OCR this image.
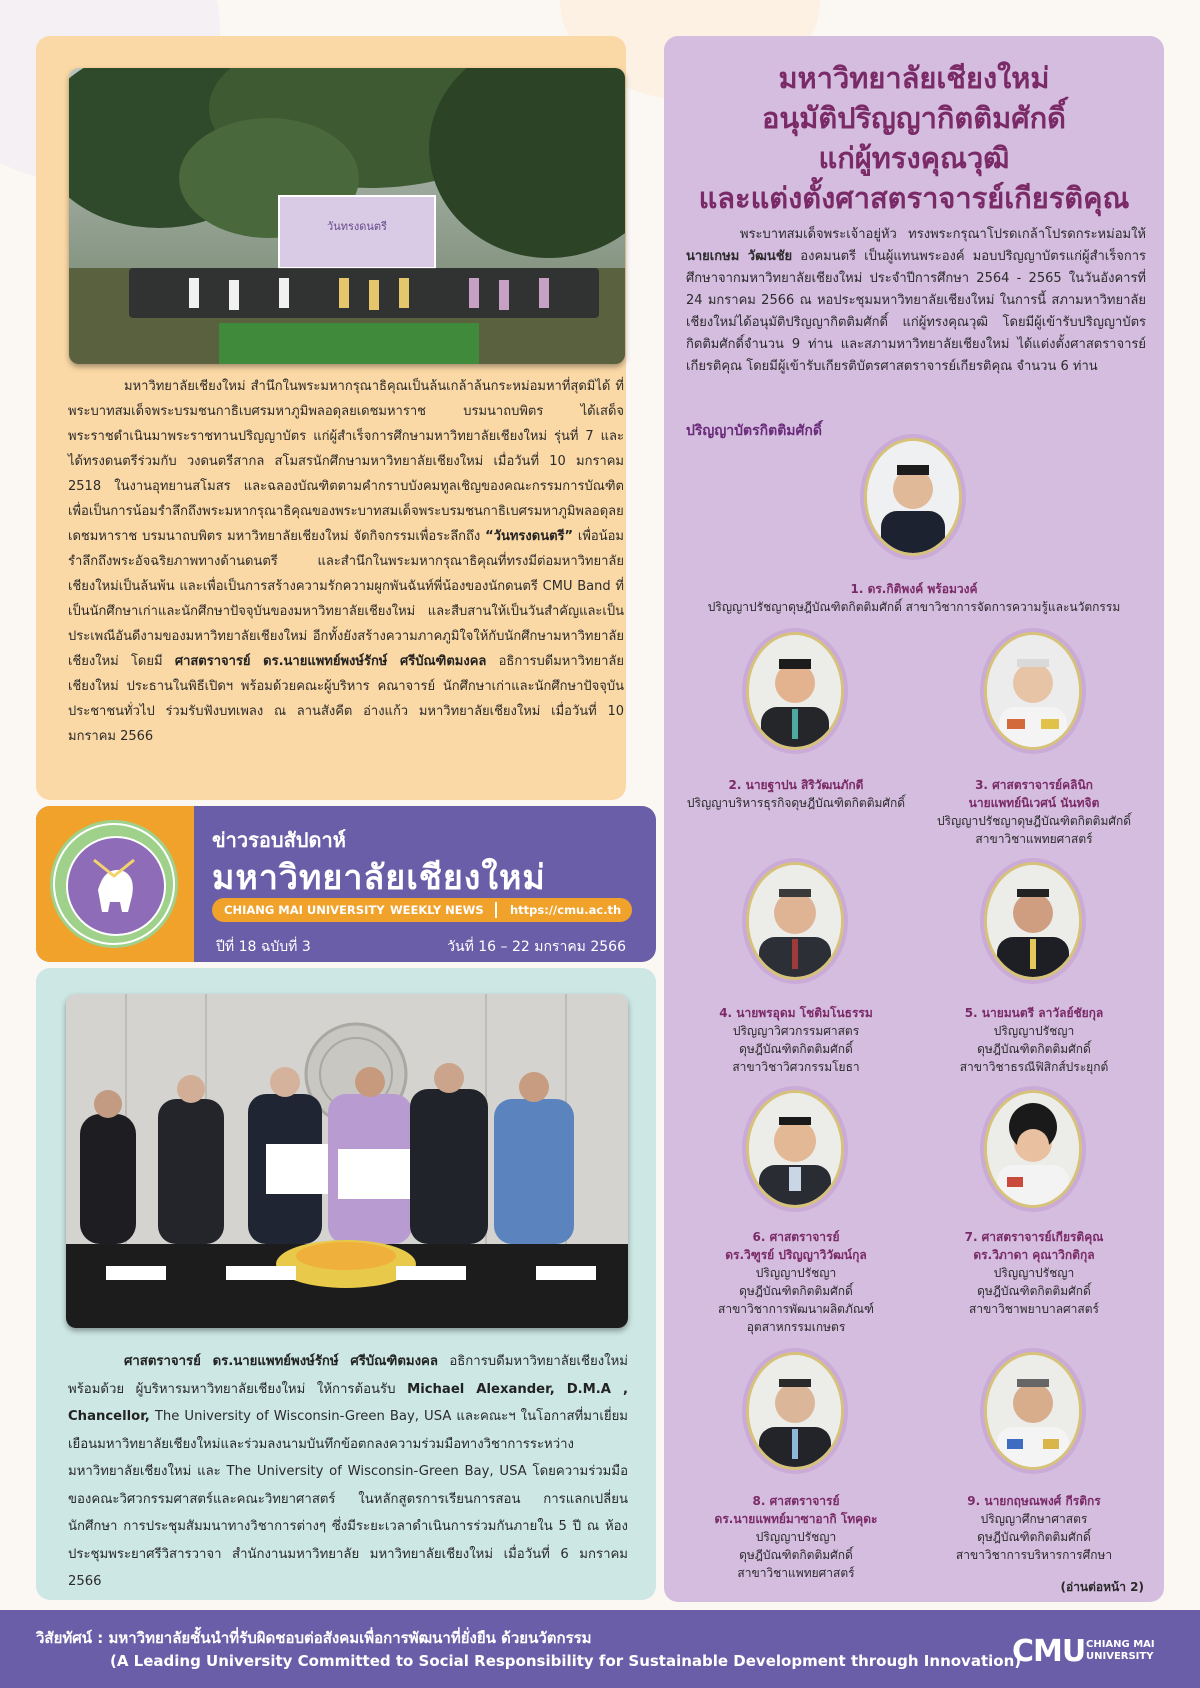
วันทรงดนตรี
มหาวิทยาลัยเชียงใหม่ สำนึกในพระมหากรุณาธิคุณเป็นล้นเกล้าล้นกระหม่อมหาที่สุดมิได้ ที่พระบาทสมเด็จพระบรมชนกาธิเบศรมหาภูมิพลอดุลยเดชมหาราช บรมนาถบพิตร ได้เสด็จพระราชดำเนินมาพระราชทานปริญญาบัตร แก่ผู้สำเร็จการศึกษามหาวิทยาลัยเชียงใหม่ รุ่นที่ 7 และได้ทรงดนตรีร่วมกับ วงดนตรีสากล สโมสรนักศึกษามหาวิทยาลัยเชียงใหม่ เมื่อวันที่ 10 มกราคม 2518 ในงานอุทยานสโมสร และฉลองบัณฑิตตามคำกราบบังคมทูลเชิญของคณะกรรมการบัณฑิตเพื่อเป็นการน้อมรำลึกถึงพระมหากรุณาธิคุณของพระบาทสมเด็จพระบรมชนกาธิเบศรมหาภูมิพลอดุลยเดชมหาราช บรมนาถบพิตร มหาวิทยาลัยเชียงใหม่ จัดกิจกรรมเพื่อระลึกถึง “วันทรงดนตรี” เพื่อน้อมรำลึกถึงพระอัจฉริยภาพทางด้านดนตรี และสำนึกในพระมหากรุณาธิคุณที่ทรงมีต่อมหาวิทยาลัยเชียงใหม่เป็นล้นพ้น และเพื่อเป็นการสร้างความรักความผูกพันฉันท์พี่น้องของนักดนตรี CMU Band ที่เป็นนักศึกษาเก่าและนักศึกษาปัจจุบันของมหาวิทยาลัยเชียงใหม่ และสืบสานให้เป็นวันสำคัญและเป็นประเพณีอันดีงามของมหาวิทยาลัยเชียงใหม่ อีกทั้งยังสร้างความภาคภูมิใจให้กับนักศึกษามหาวิทยาลัยเชียงใหม่ โดยมี ศาสตราจารย์ ดร.นายแพทย์พงษ์รักษ์ ศรีบัณฑิตมงคล อธิการบดีมหาวิทยาลัยเชียงใหม่ ประธานในพิธีเปิดฯ พร้อมด้วยคณะผู้บริหาร คณาจารย์ นักศึกษาเก่าและนักศึกษาปัจจุบัน ประชาชนทั่วไป ร่วมรับฟังบทเพลง ณ ลานสังคีต อ่างแก้ว มหาวิทยาลัยเชียงใหม่ เมื่อวันที่ 10 มกราคม 2566
ข่าวรอบสัปดาห์
มหาวิทยาลัยเชียงใหม่
CHIANG MAI UNIVERSITY WEEKLY NEWS https://cmu.ac.th
ปีที่ 18 ฉบับที่ 3	วันที่ 16 – 22 มกราคม 2566
ศาสตราจารย์ ดร.นายแพทย์พงษ์รักษ์ ศรีบัณฑิตมงคล อธิการบดีมหาวิทยาลัยเชียงใหม่ พร้อมด้วย ผู้บริหารมหาวิทยาลัยเชียงใหม่ ให้การต้อนรับ Michael Alexander, D.M.A , Chancellor, The University of Wisconsin-Green Bay, USA และคณะฯ ในโอกาสที่มาเยี่ยมเยือนมหาวิทยาลัยเชียงใหม่และร่วมลงนามบันทึกข้อตกลงความร่วมมือทางวิชาการระหว่างมหาวิทยาลัยเชียงใหม่ และ The University of Wisconsin-Green Bay, USA โดยความร่วมมือของคณะวิศวกรรมศาสตร์และคณะวิทยาศาสตร์ ในหลักสูตรการเรียนการสอน การแลกเปลี่ยนนักศึกษา การประชุมสัมมนาทางวิชาการต่างๆ ซึ่งมีระยะเวลาดำเนินการร่วมกันภายใน 5 ปี ณ ห้องประชุมพระยาศรีวิสารวาจา สำนักงานมหาวิทยาลัย มหาวิทยาลัยเชียงใหม่ เมื่อวันที่ 6 มกราคม 2566
มหาวิทยาลัยเชียงใหม่
อนุมัติปริญญากิตติมศักดิ์
แก่ผู้ทรงคุณวุฒิ
และแต่งตั้งศาสตราจารย์เกียรติคุณ
พระบาทสมเด็จพระเจ้าอยู่หัว ทรงพระกรุณาโปรดเกล้าโปรดกระหม่อมให้นายเกษม วัฒนชัย องคมนตรี เป็นผู้แทนพระองค์ มอบปริญญาบัตรแก่ผู้สำเร็จการศึกษาจากมหาวิทยาลัยเชียงใหม่ ประจำปีการศึกษา 2564 - 2565 ในวันอังคารที่ 24 มกราคม 2566 ณ หอประชุมมหาวิทยาลัยเชียงใหม่ ในการนี้ สภามหาวิทยาลัยเชียงใหม่ได้อนุมัติปริญญากิตติมศักดิ์ แก่ผู้ทรงคุณวุฒิ โดยมีผู้เข้ารับปริญญาบัตรกิตติมศักดิ์จำนวน 9 ท่าน และสภามหาวิทยาลัยเชียงใหม่ ได้แต่งตั้งศาสตราจารย์เกียรติคุณ โดยมีผู้เข้ารับเกียรติบัตรศาสตราจารย์เกียรติคุณ จำนวน 6 ท่าน
ปริญญาบัตรกิตติมศักดิ์
1. ดร.กิติพงค์ พร้อมวงค์
ปริญญาปรัชญาดุษฎีบัณฑิตกิตติมศักดิ์ สาขาวิชาการจัดการความรู้และนวัตกรรม
2. นายฐาปน สิริวัฒนภักดี
ปริญญาบริหารธุรกิจดุษฎีบัณฑิตกิตติมศักดิ์
3. ศาสตราจารย์คลินิก
นายแพทย์นิเวศน์ นันทจิต
ปริญญาปรัชญาดุษฎีบัณฑิตกิตติมศักดิ์
สาขาวิชาแพทยศาสตร์
4. นายพรอุดม โชติมโนธรรม
ปริญญาวิศวกรรมศาสตร
ดุษฎีบัณฑิตกิตติมศักดิ์
สาขาวิชาวิศวกรรมโยธา
5. นายมนตรี ลาวัลย์ชัยกุล
ปริญญาปรัชญา
ดุษฎีบัณฑิตกิตติมศักดิ์
สาขาวิชาธรณีฟิสิกส์ประยุกต์
6. ศาสตราจารย์
ดร.วิฑูรย์ ปริญญาวิวัฒน์กุล
ปริญญาปรัชญา
ดุษฎีบัณฑิตกิตติมศักดิ์
สาขาวิชาการพัฒนาผลิตภัณฑ์
อุตสาหกรรมเกษตร
7. ศาสตราจารย์เกียรติคุณ
ดร.วิภาดา คุณาวิกติกุล
ปริญญาปรัชญา
ดุษฎีบัณฑิตกิตติมศักดิ์
สาขาวิชาพยาบาลศาสตร์
8. ศาสตราจารย์
ดร.นายแพทย์มาซาอากิ โทคุดะ
ปริญญาปรัชญา
ดุษฎีบัณฑิตกิตติมศักดิ์
สาขาวิชาแพทยศาสตร์
9. นายกฤษณพงศ์ กีรติกร
ปริญญาศึกษาศาสตร
ดุษฎีบัณฑิตกิตติมศักดิ์
สาขาวิชาการบริหารการศึกษา
(อ่านต่อหน้า 2)
วิสัยทัศน์ : มหาวิทยาลัยชั้นนำที่รับผิดชอบต่อสังคมเพื่อการพัฒนาที่ยั่งยืน ด้วยนวัตกรรม
(A Leading University Committed to Social Responsibility for Sustainable Development through Innovation)
CMU CHIANG MAI
UNIVERSITY
